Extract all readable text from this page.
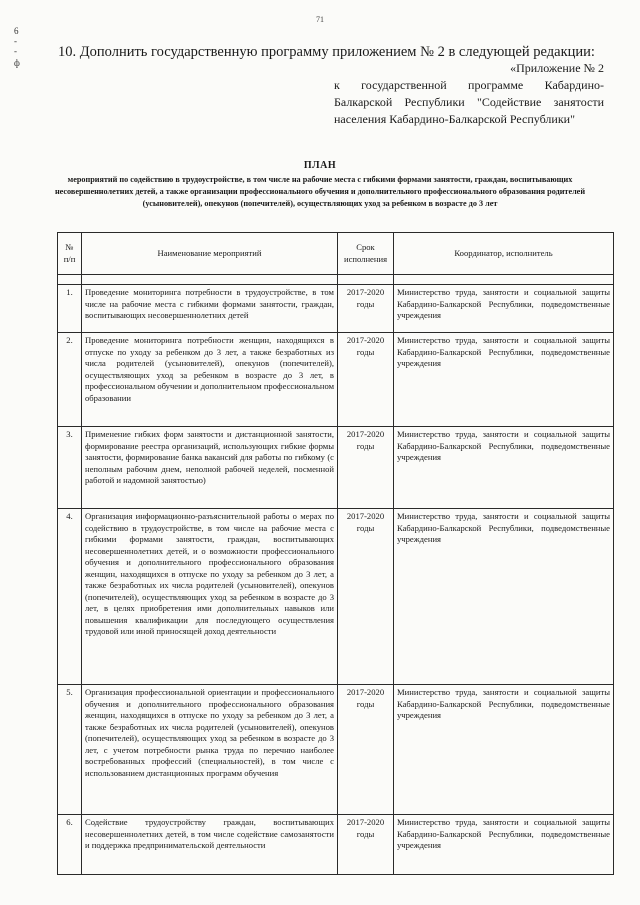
71
6
-
-
ф
10. Дополнить государственную программу приложением № 2 в следующей редакции:
«Приложение № 2
к государственной программе Кабардино-Балкарской Республики "Содействие занятости населения Кабардино-Балкарской Республики"
ПЛАН
мероприятий по содействию в трудоустройстве, в том числе на рабочие места с гибкими формами занятости, граждан, воспитывающих несовершеннолетних детей, а также организации профессионального обучения и дополнительного профессионального образования родителей (усыновителей), опекунов (попечителей), осуществляющих уход за ребенком в возрасте до 3 лет
№ п/п	Наименование мероприятий	Срок исполнения	Координатор, исполнитель

1.	Проведение мониторинга потребности в трудоустройстве, в том числе на рабочие места с гибкими формами занятости, граждан, воспитывающих несовершеннолетних детей	2017-2020 годы	Министерство труда, занятости и социальной защиты Кабардино-Балкарской Республики, подведомственные учреждения
2.	Проведение мониторинга потребности женщин, находящихся в отпуске по уходу за ребенком до 3 лет, а также безработных из числа родителей (усыновителей), опекунов (попечителей), осуществляющих уход за ребенком в возрасте до 3 лет, в профессиональном обучении и дополнительном профессиональном образовании	2017-2020 годы	Министерство труда, занятости и социальной защиты Кабардино-Балкарской Республики, подведомственные учреждения
3.	Применение гибких форм занятости и дистанционной занятости, формирование реестра организаций, использующих гибкие формы занятости, формирование банка вакансий для работы по гибкому (с неполным рабочим днем, неполной рабочей неделей, посменной работой и надомной занятостью)	2017-2020 годы	Министерство труда, занятости и социальной защиты Кабардино-Балкарской Республики, подведомственные учреждения
4.	Организация информационно-разъяснительной работы о мерах по содействию в трудоустройстве, в том числе на рабочие места с гибкими формами занятости, граждан, воспитывающих несовершеннолетних детей, и о возможности профессионального обучения и дополнительного профессионального образования женщин, находящихся в отпуске по уходу за ребенком до 3 лет, а также безработных их числа родителей (усыновителей), опекунов (попечителей), осуществляющих уход за ребенком в возрасте до 3 лет, в целях приобретения ими дополнительных навыков или повышения квалификации для последующего осуществления трудовой или иной приносящей доход деятельности	2017-2020 годы	Министерство труда, занятости и социальной защиты Кабардино-Балкарской Республики, подведомственные учреждения
5.	Организация профессиональной ориентации и профессионального обучения и дополнительного профессионального образования женщин, находящихся в отпуске по уходу за ребенком до 3 лет, а также безработных их числа родителей (усыновителей), опекунов (попечителей), осуществляющих уход за ребенком в возрасте до 3 лет, с учетом потребности рынка труда по перечню наиболее востребованных профессий (специальностей), в том числе с использованием дистанционных программ обучения	2017-2020 годы	Министерство труда, занятости и социальной защиты Кабардино-Балкарской Республики, подведомственные учреждения
6.	Содействие трудоустройству граждан, воспитывающих несовершеннолетних детей, в том числе содействие самозанятости и поддержка предпринимательской деятельности	2017-2020 годы	Министерство труда, занятости и социальной защиты Кабардино-Балкарской Республики, подведомственные учреждения
